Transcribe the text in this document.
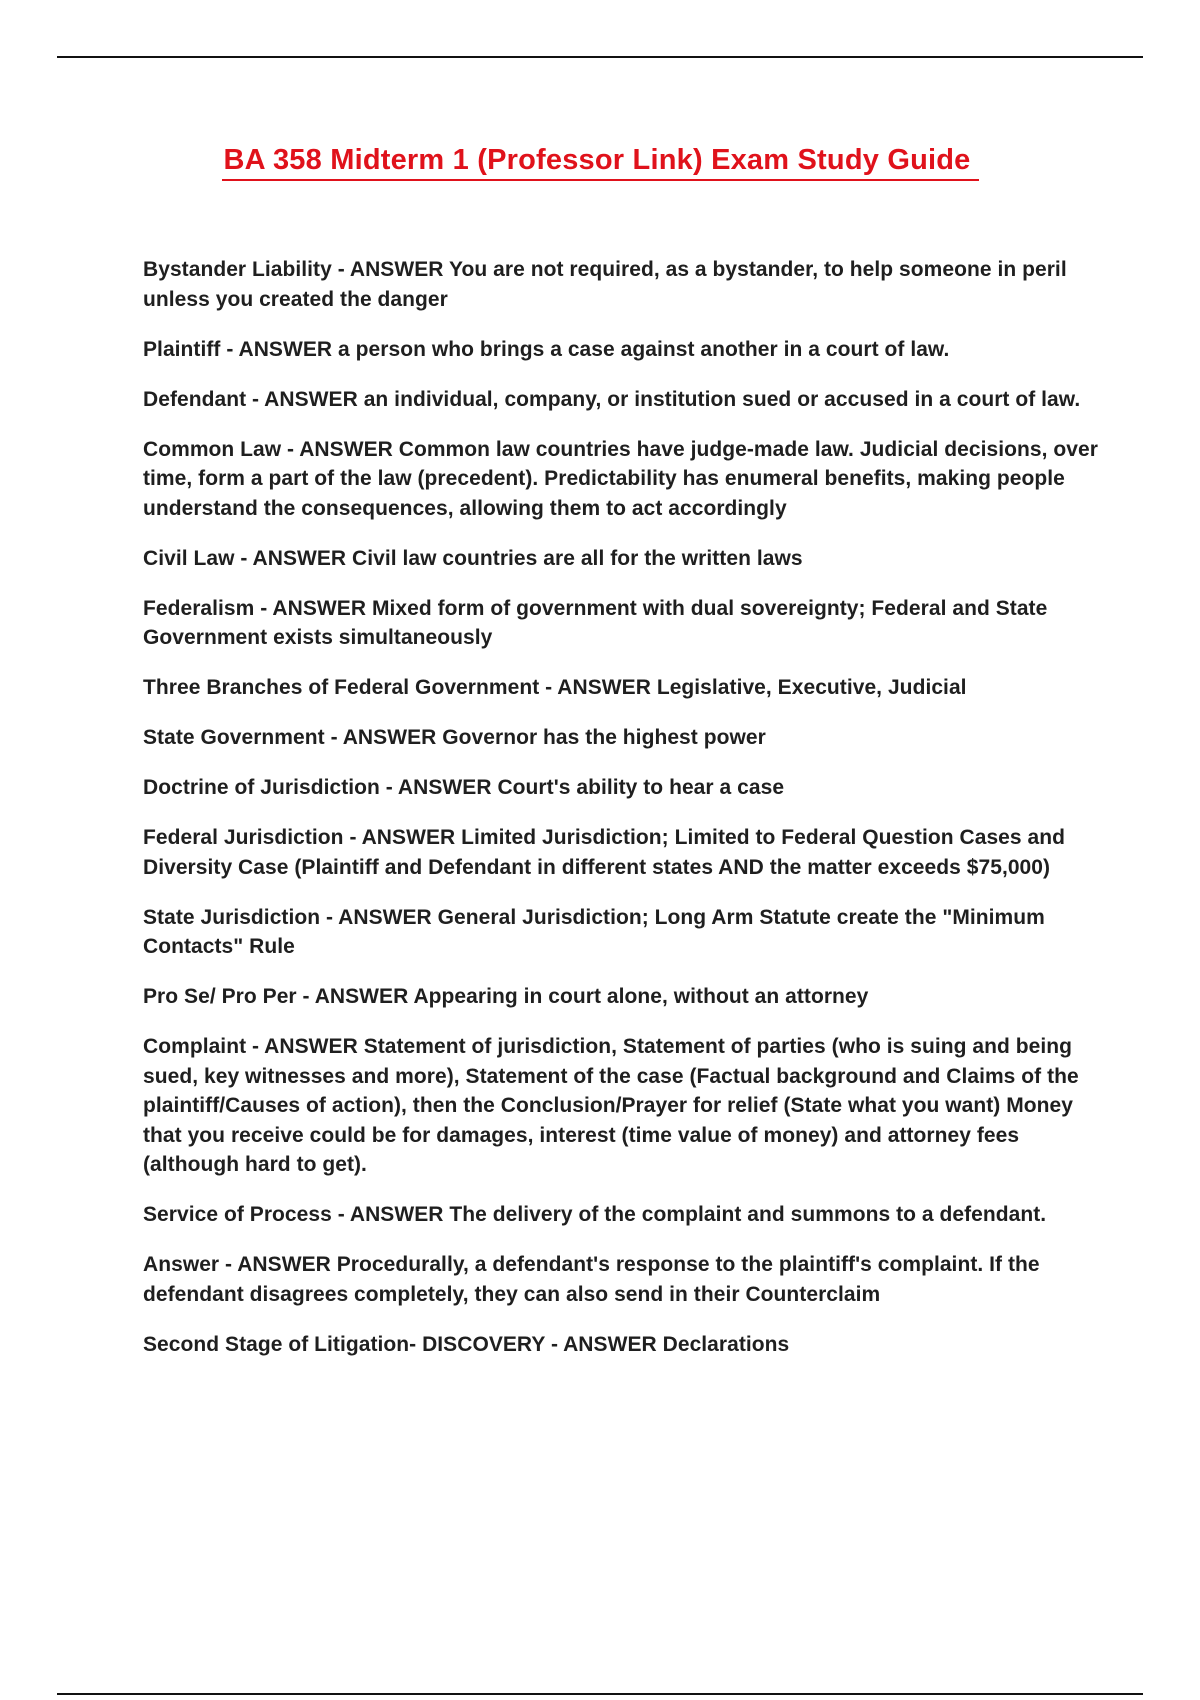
BA 358 Midterm 1 (Professor Link) Exam Study Guide
Bystander Liability - ANSWER You are not required, as a bystander, to help someone in peril unless you created the danger
Plaintiff - ANSWER a person who brings a case against another in a court of law.
Defendant - ANSWER an individual, company, or institution sued or accused in a court of law.
Common Law - ANSWER Common law countries have judge-made law. Judicial decisions, over time, form a part of the law (precedent). Predictability has enumeral benefits, making people understand the consequences, allowing them to act accordingly
Civil Law - ANSWER Civil law countries are all for the written laws
Federalism - ANSWER Mixed form of government with dual sovereignty; Federal and State Government exists simultaneously
Three Branches of Federal Government - ANSWER Legislative, Executive, Judicial
State Government - ANSWER Governor has the highest power
Doctrine of Jurisdiction - ANSWER Court's ability to hear a case
Federal Jurisdiction - ANSWER Limited Jurisdiction; Limited to Federal Question Cases and Diversity Case (Plaintiff and Defendant in different states AND the matter exceeds $75,000)
State Jurisdiction - ANSWER General Jurisdiction; Long Arm Statute create the "Minimum Contacts" Rule
Pro Se/ Pro Per - ANSWER Appearing in court alone, without an attorney
Complaint - ANSWER Statement of jurisdiction, Statement of parties (who is suing and being sued, key witnesses and more), Statement of the case (Factual background and Claims of the plaintiff/Causes of action), then the Conclusion/Prayer for relief (State what you want) Money that you receive could be for damages, interest (time value of money) and attorney fees (although hard to get).
Service of Process - ANSWER The delivery of the complaint and summons to a defendant.
Answer - ANSWER Procedurally, a defendant's response to the plaintiff's complaint. If the defendant disagrees completely, they can also send in their Counterclaim
Second Stage of Litigation- DISCOVERY - ANSWER Declarations
